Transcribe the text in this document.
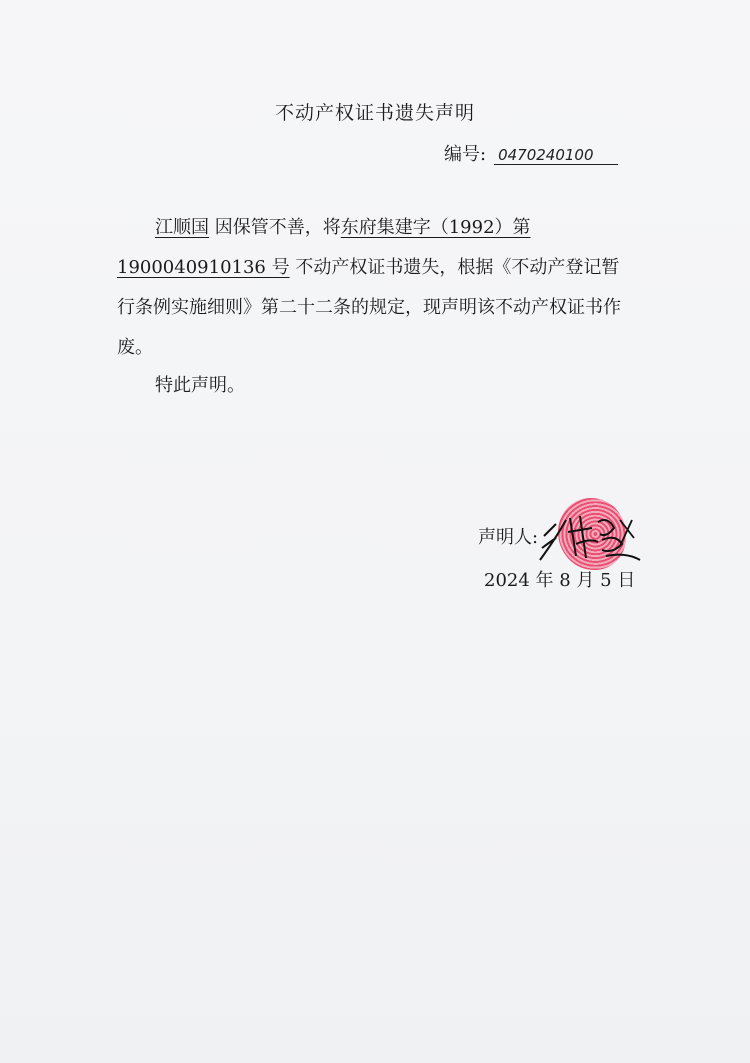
不动产权证书遗失声明
编号: 0470240100
江顺国 因保管不善，将东府集建字（1992）第
1900040910136 号 不动产权证书遗失，根据《不动产登记暂行条例实施细则》第二十二条的规定，现声明该不动产权证书作废。
特此声明。
声明人:
2024 年 8 月 5 日
